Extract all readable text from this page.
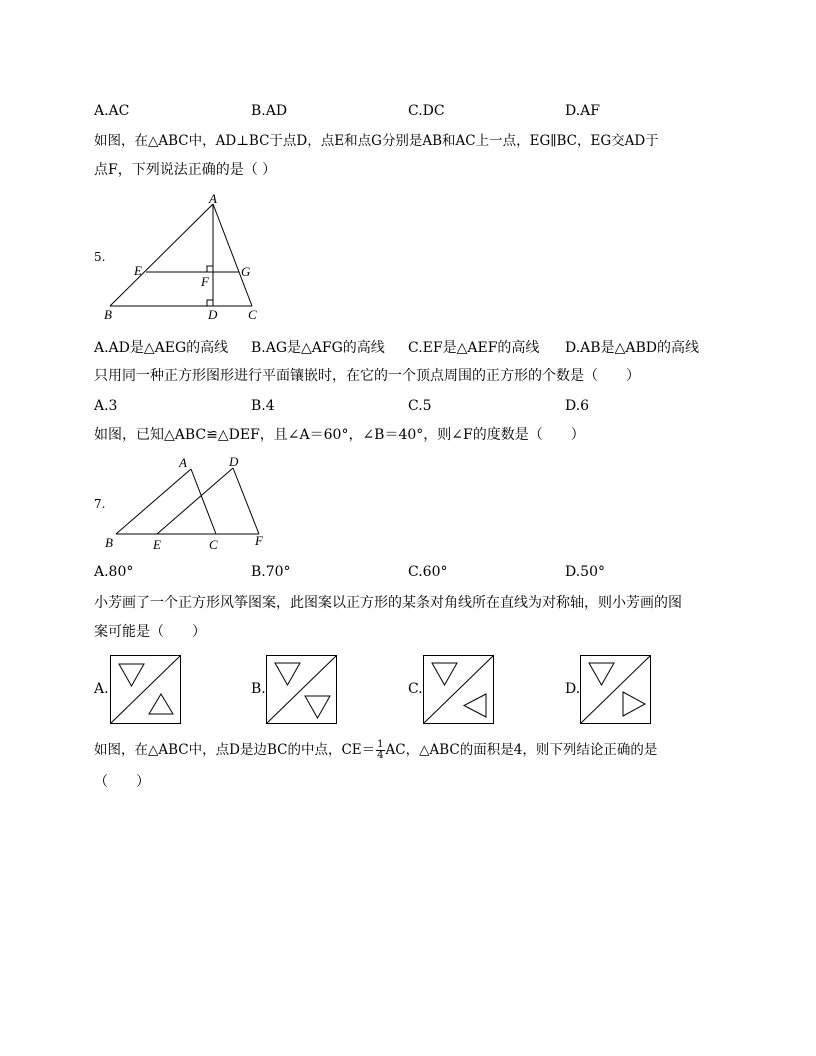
A.AC	B.AD	C.DC	D.AF
如图，在△ABC中，AD⊥BC于点D，点E和点G分别是AB和AC上一点，EG∥BC，EG交AD于
点F，下列说法正确的是（ ）
5.
A
B	C
D
E
F
G
A.AD是△AEG的高线 B.AG是△AFG的高线 C.EF是△AEF的高线 D.AB是△ABD的高线
只用同一种正方形图形进行平面镶嵌时，在它的一个顶点周围的正方形的个数是（　　）
A.3	B.4	C.5	D.6
如图，已知△ABC≌△DEF，且∠A＝60°，∠B＝40°，则∠F的度数是（　　）
7.
A	D
B	E	C	F
A.80°	B.70°	C.60°	D.50°
小芳画了一个正方形风筝图案，此图案以正方形的某条对角线所在直线为对称轴，则小芳画的图
案可能是（　　）
A.	B.	C.	D.
如图，在△ABC中，点D是边BC的中点，$CE= \frac{1}{4}$ AC，△ABC的面积是4，则下列结论正确的是
（　　）
